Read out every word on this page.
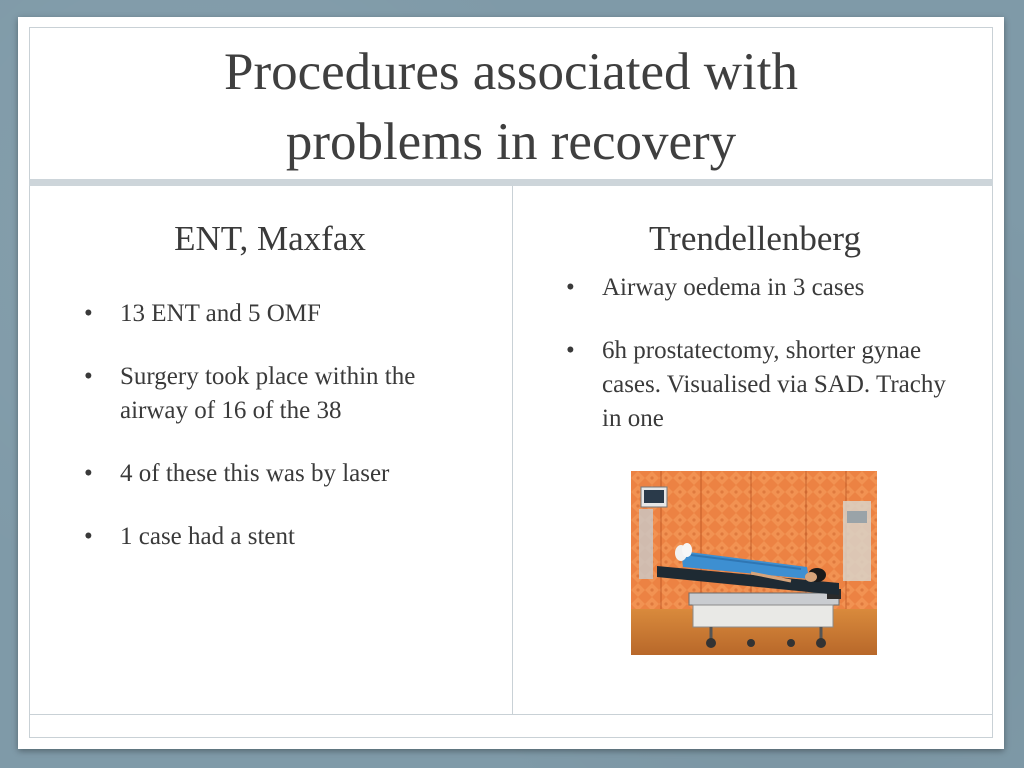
Procedures associated with
problems in recovery
ENT, Maxfax
• 13 ENT and 5 OMF
• Surgery took place within the airway of 16 of the 38
• 4 of these this was by laser
• 1 case had a stent
Trendellenberg
• Airway oedema in 3 cases
• 6h prostatectomy, shorter gynae cases. Visualised via SAD. Trachy in one
